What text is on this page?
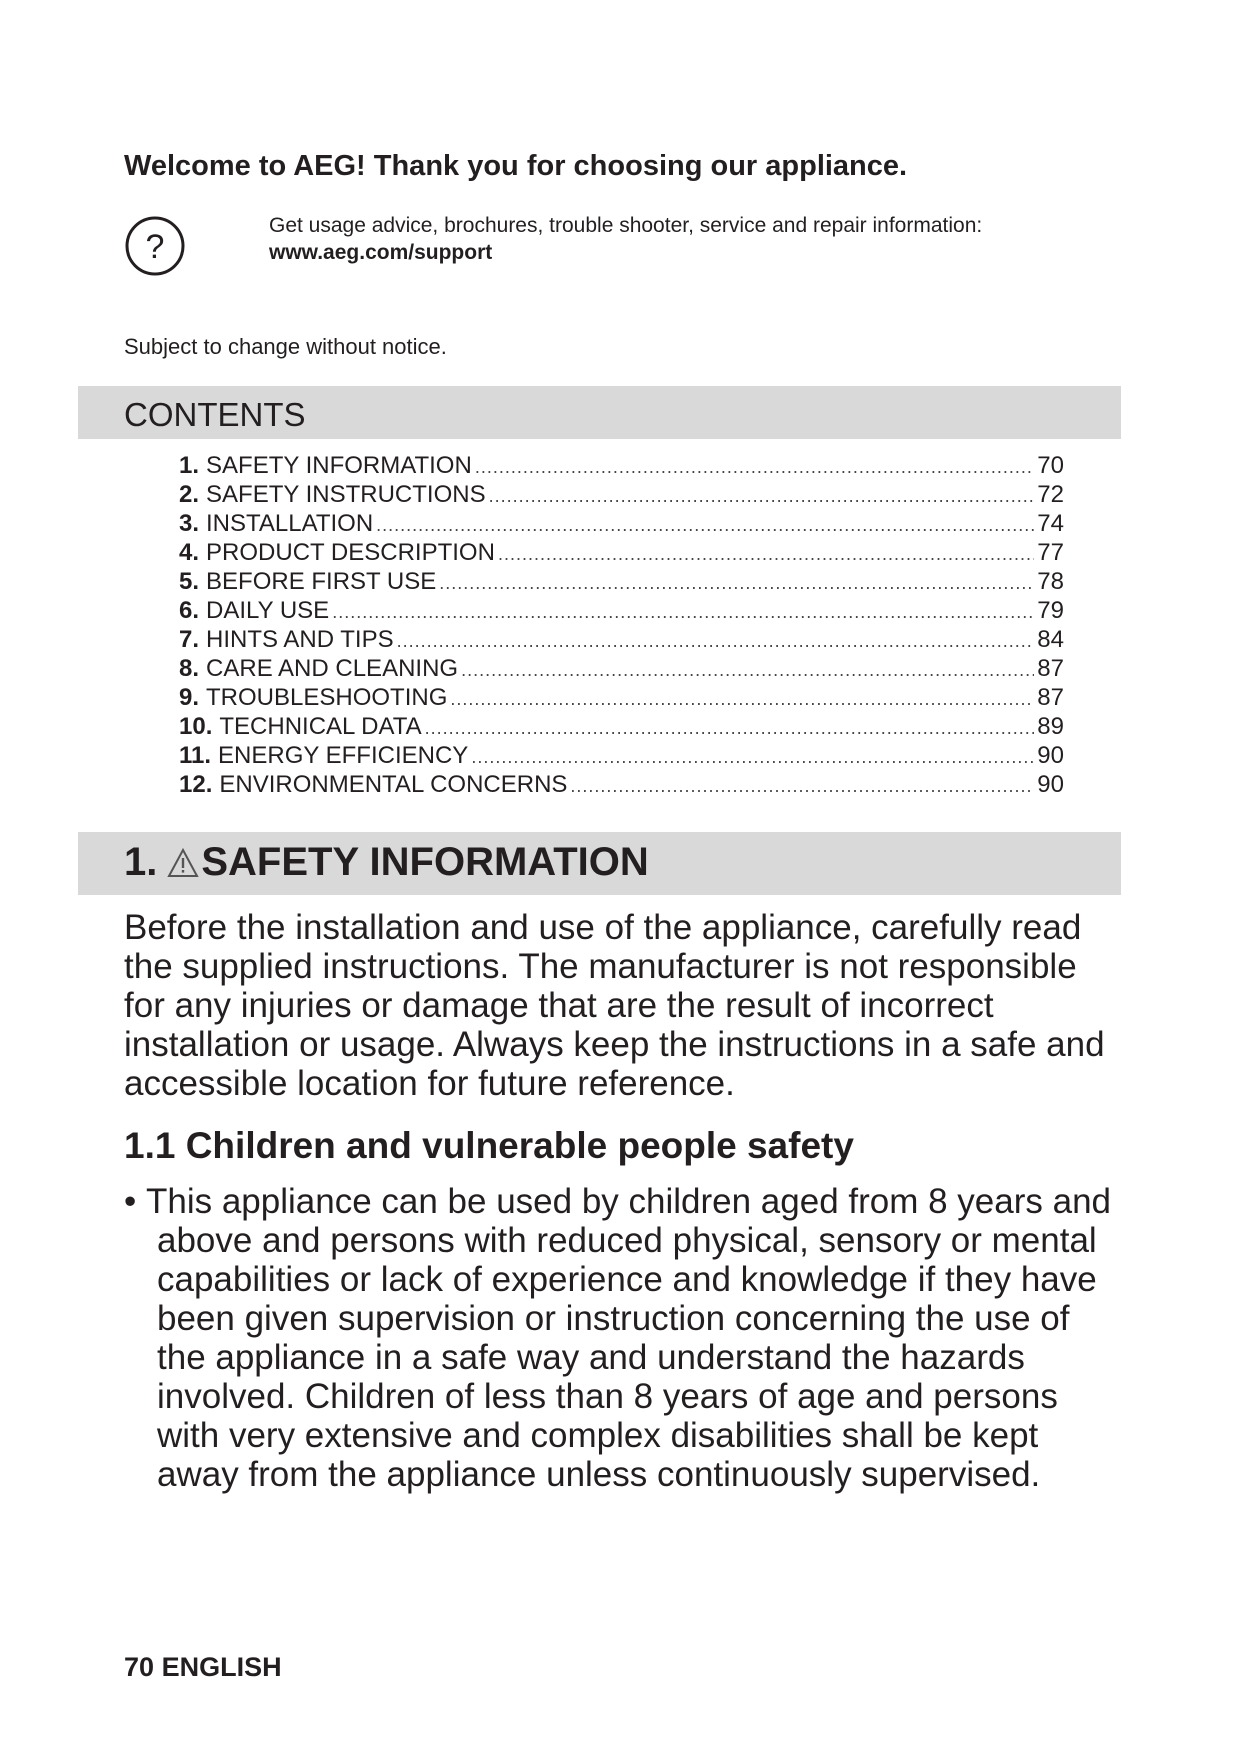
Welcome to AEG! Thank you for choosing our appliance.
?
Get usage advice, brochures, trouble shooter, service and repair information:
www.aeg.com/support
Subject to change without notice.
CONTENTS
1. SAFETY INFORMATION .....	70
2. SAFETY INSTRUCTIONS .....	72
3. INSTALLATION .....	74
4. PRODUCT DESCRIPTION .....	77
5. BEFORE FIRST USE .....	78
6. DAILY USE .....	79
7. HINTS AND TIPS .....	84
8. CARE AND CLEANING .....	87
9. TROUBLESHOOTING .....	87
10. TECHNICAL DATA .....	89
11. ENERGY EFFICIENCY .....	90
12. ENVIRONMENTAL CONCERNS .....	90
1. SAFETY INFORMATION

Before the installation and use of the appliance, carefully read the supplied instructions. The manufacturer is not responsible for any injuries or damage that are the result of incorrect installation or usage. Always keep the instructions in a safe and accessible location for future reference.

1.1 Children and vulnerable people safety

• This appliance can be used by children aged from 8 years and above and persons with reduced physical, sensory or mental capabilities or lack of experience and knowledge if they have been given supervision or instruction concerning the use of the appliance in a safe way and understand the hazards involved. Children of less than 8 years of age and persons with very extensive and complex disabilities shall be kept away from the appliance unless continuously supervised.

70 ENGLISH
